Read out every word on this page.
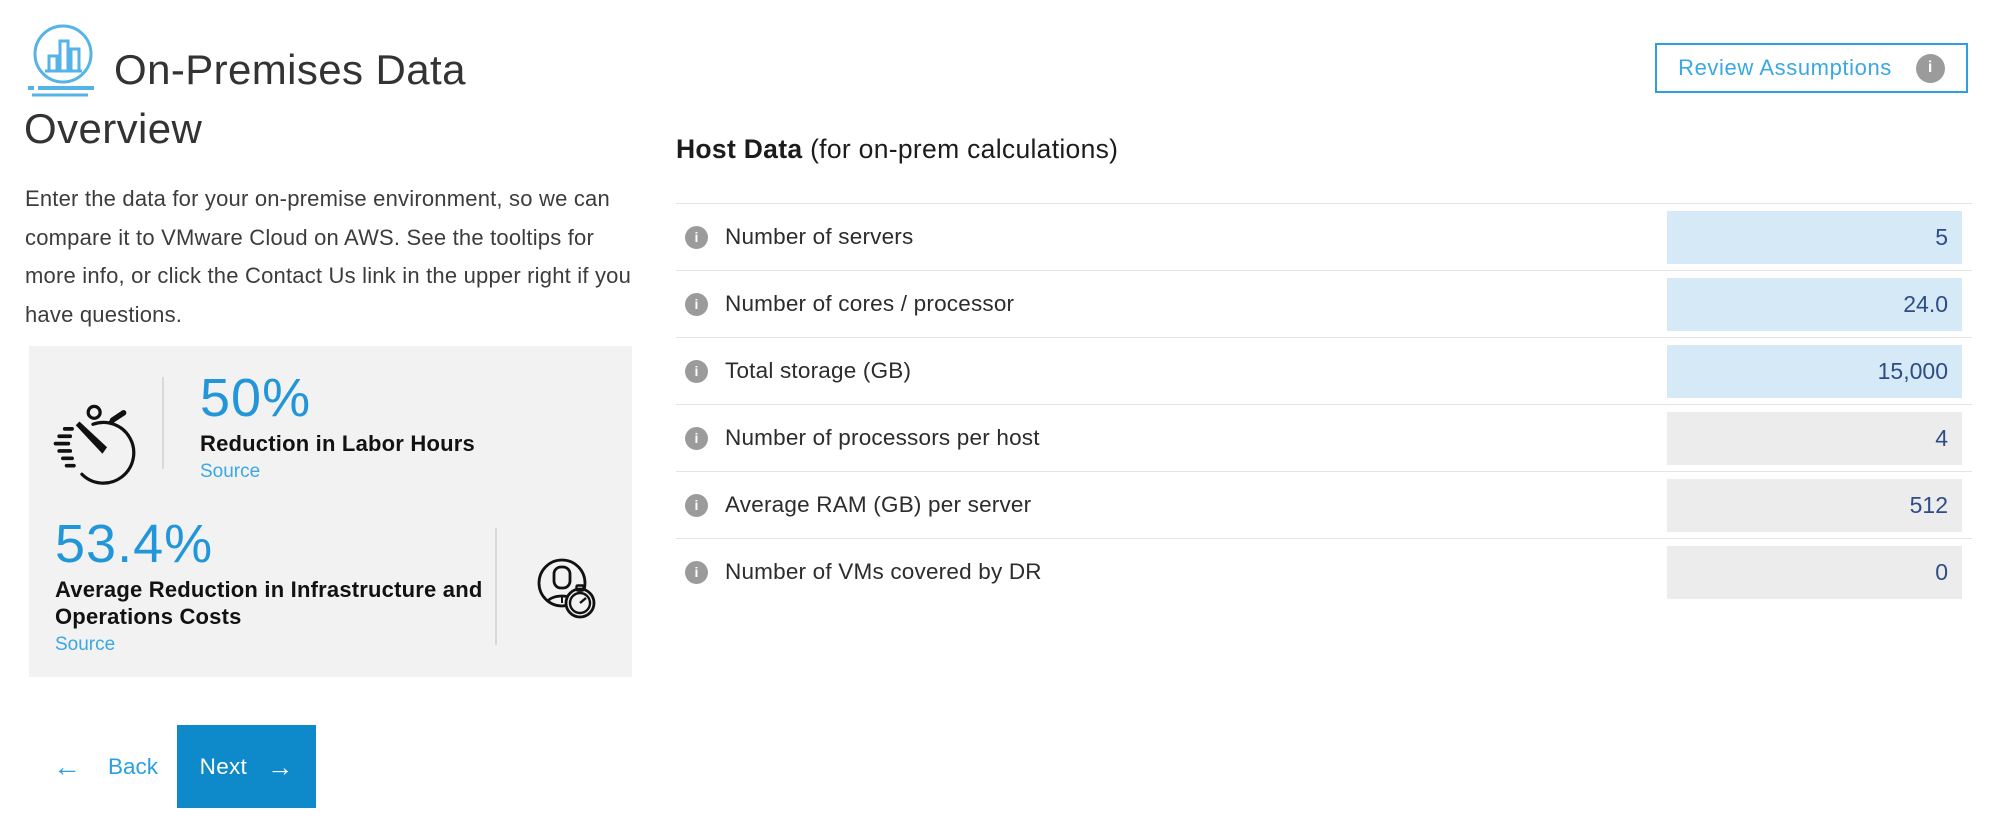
On-Premises Data Overview

Enter the data for your on-premise environment, so we can compare it to VMware Cloud on AWS. See the tooltips for more info, or click the Contact Us link in the upper right if you have questions.

50%
Reduction in Labor Hours
Source
53.4%
Average Reduction in Infrastructure and Operations Costs
Source
← Back Next →
Review Assumptions i
Host Data (for on-prem calculations)
i Number of servers
5
i Number of cores / processor
24.0
i Total storage (GB)
15,000
i Number of processors per host
4
i Average RAM (GB) per server
512
i Number of VMs covered by DR
0
